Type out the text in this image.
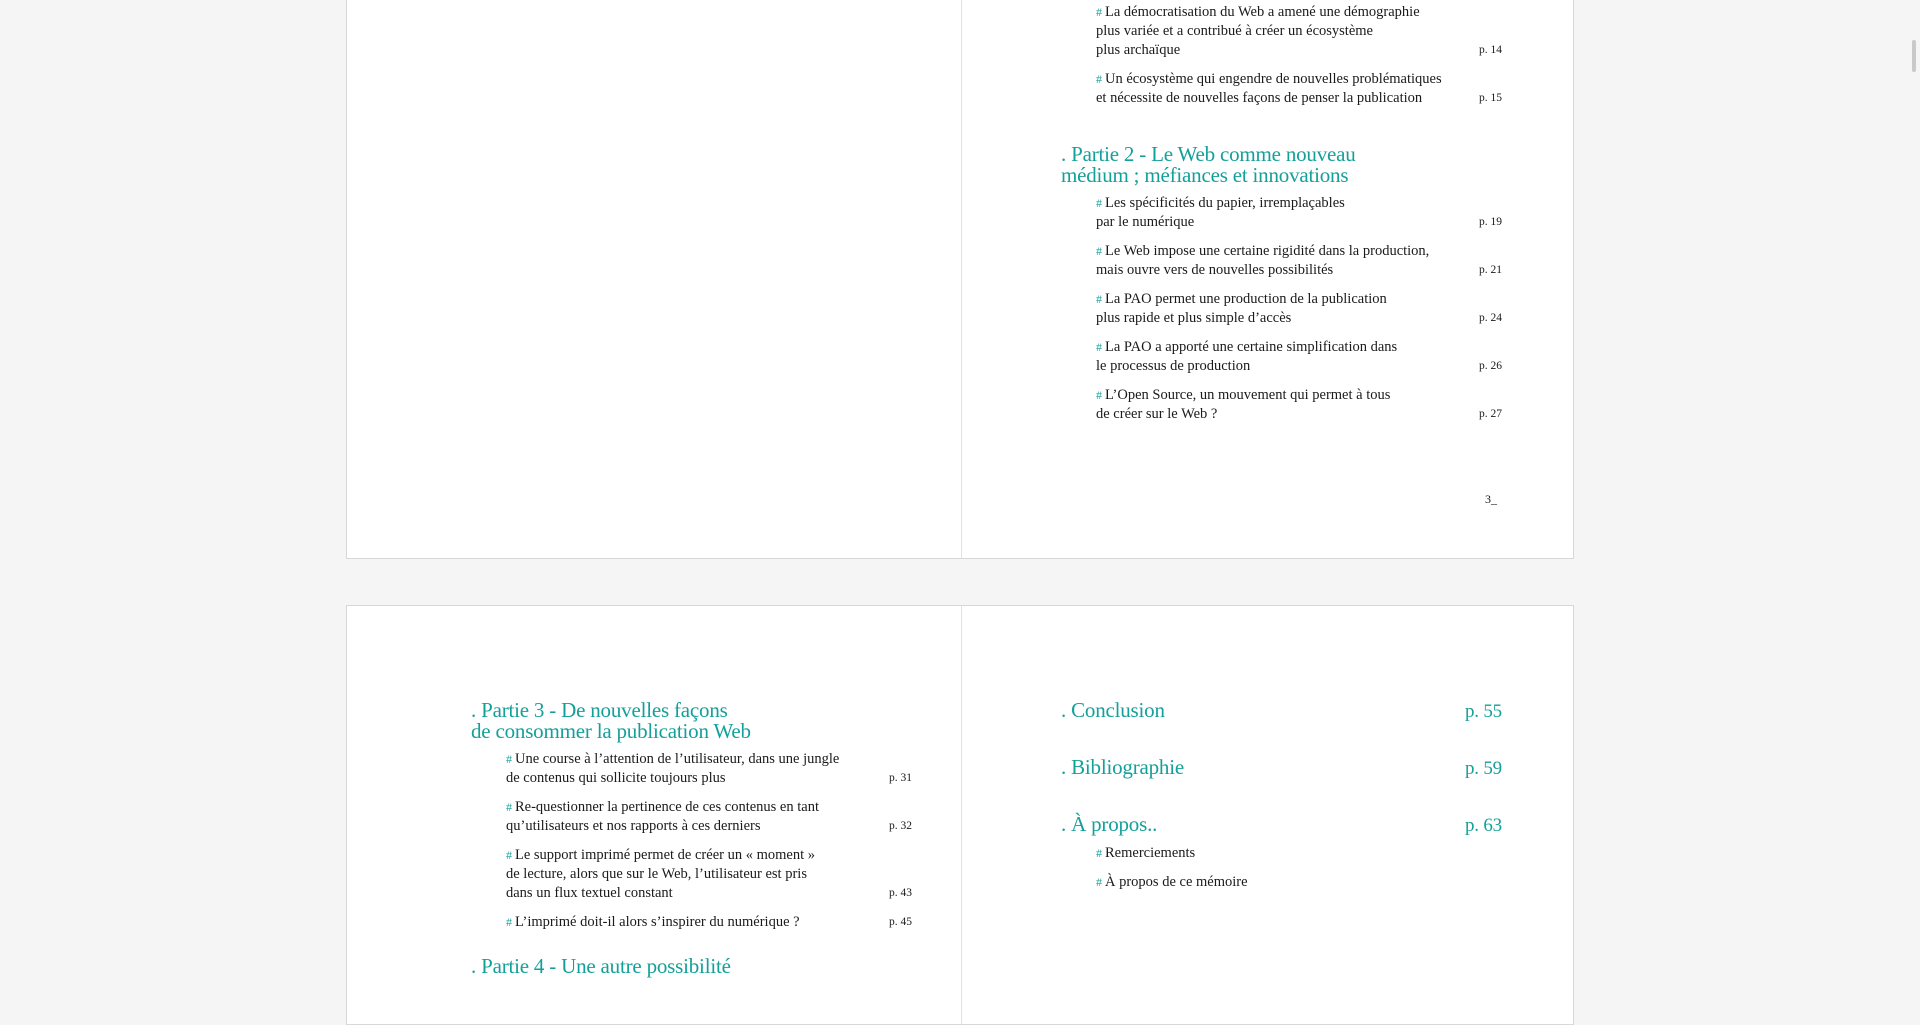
# La démocratisation du Web a amené une démographie
plus variée et a contribué à créer un écosystème
plus archaïque	p. 14
# Un écosystème qui engendre de nouvelles problématiques
et nécessite de nouvelles façons de penser la publication	p. 15
. Partie 2 - Le Web comme nouveau
médium ; méfiances et innovations
# Les spécificités du papier, irremplaçables
par le numérique	p. 19
# Le Web impose une certaine rigidité dans la production,
mais ouvre vers de nouvelles possibilités	p. 21
# La PAO permet une production de la publication
plus rapide et plus simple d’accès	p. 24
# La PAO a apporté une certaine simplification dans
le processus de production	p. 26
# L’Open Source, un mouvement qui permet à tous
de créer sur le Web ?	p. 27
3_
. Partie 3 - De nouvelles façons
de consommer la publication Web
# Une course à l’attention de l’utilisateur, dans une jungle
de contenus qui sollicite toujours plus	p. 31
# Re-questionner la pertinence de ces contenus en tant
qu’utilisateurs et nos rapports à ces derniers	p. 32
# Le support imprimé permet de créer un « moment »
de lecture, alors que sur le Web, l’utilisateur est pris
dans un flux textuel constant	p. 43
# L’imprimé doit-il alors s’inspirer du numérique ?	p. 45
. Partie 4 - Une autre possibilité
. Conclusion	p. 55
. Bibliographie	p. 59
. À propos..	p. 63
# Remerciements
# À propos de ce mémoire
